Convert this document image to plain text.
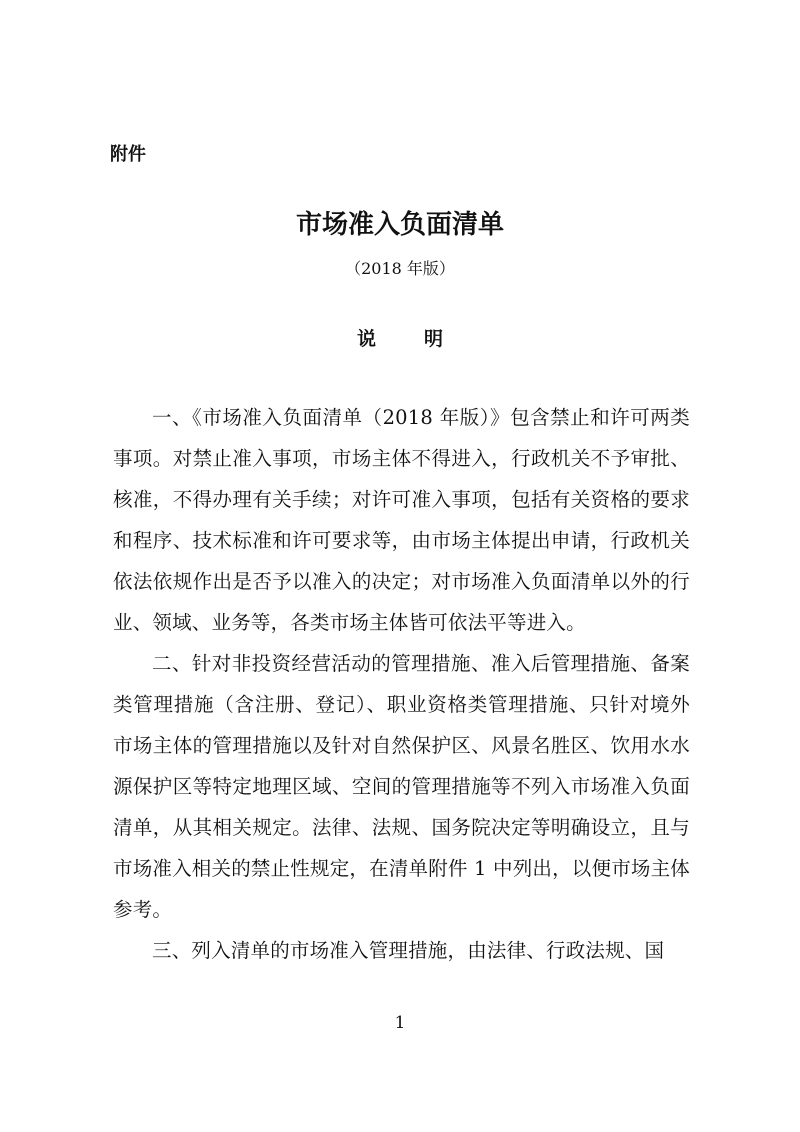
附件
市场准入负面清单
（2018 年版）
说	明

一、《市场准入负面清单（2018 年版）》包含禁止和许可两类事项。对禁止准入事项，市场主体不得进入，行政机关不予审批、核准，不得办理有关手续；对许可准入事项，包括有关资格的要求和程序、技术标准和许可要求等，由市场主体提出申请，行政机关依法依规作出是否予以准入的决定；对市场准入负面清单以外的行业、领域、业务等，各类市场主体皆可依法平等进入。

二、针对非投资经营活动的管理措施、准入后管理措施、备案类管理措施（含注册、登记）、职业资格类管理措施、只针对境外市场主体的管理措施以及针对自然保护区、风景名胜区、饮用水水源保护区等特定地理区域、空间的管理措施等不列入市场准入负面清单，从其相关规定。法律、法规、国务院决定等明确设立，且与市场准入相关的禁止性规定，在清单附件 1 中列出，以便市场主体参考。

三、列入清单的市场准入管理措施，由法律、行政法规、国

1
